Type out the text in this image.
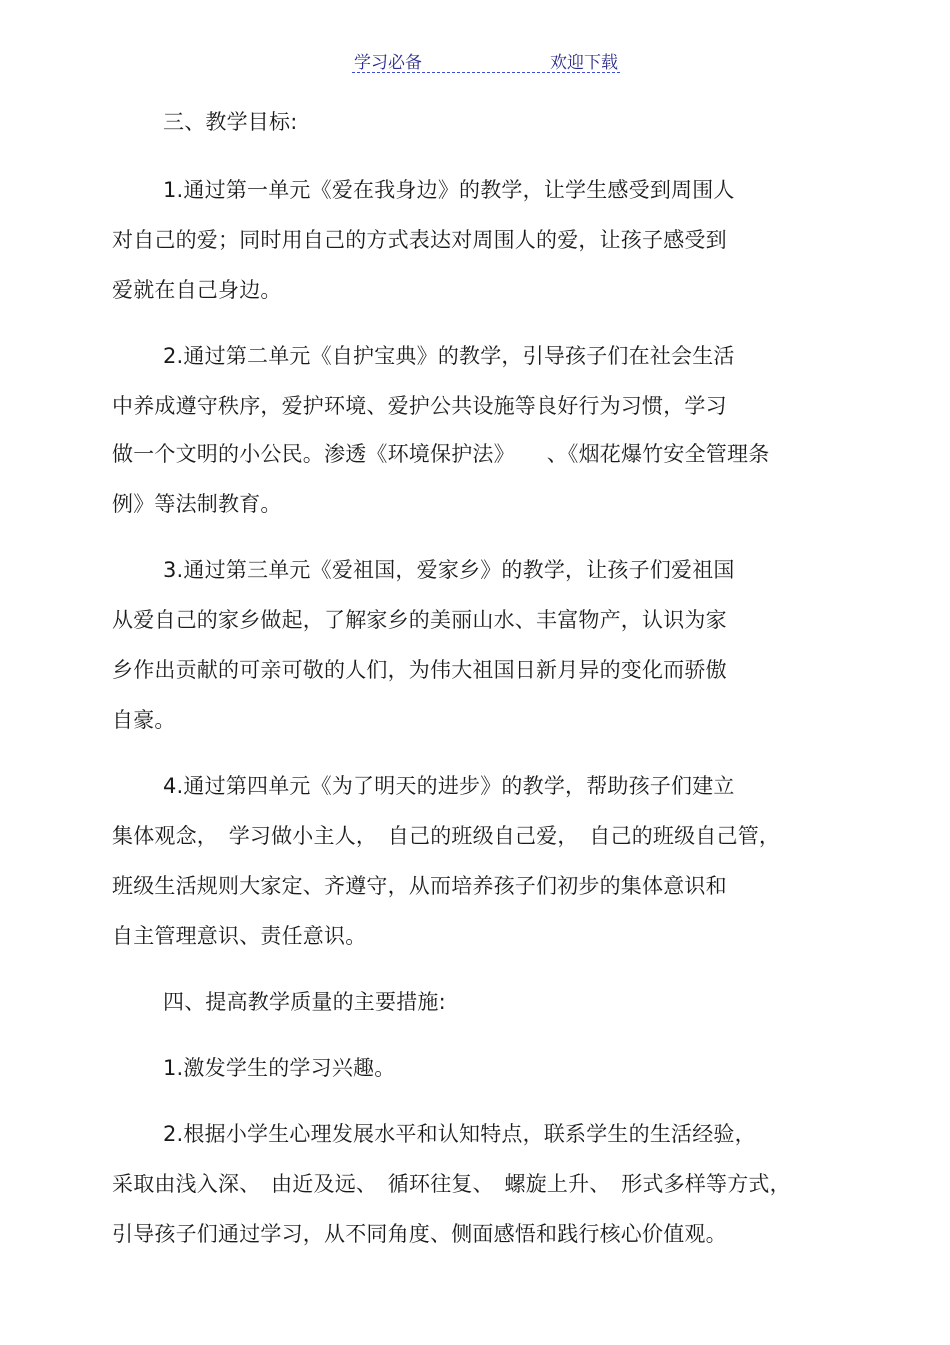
学习必备	欢迎下载
三、教学目标:
1.通过第一单元《爱在我身边》的教学，让学生感受到周围人
对自己的爱；同时用自己的方式表达对周围人的爱，让孩子感受到
爱就在自己身边。
2.通过第二单元《自护宝典》的教学，引导孩子们在社会生活
中养成遵守秩序，爱护环境、爱护公共设施等良好行为习惯，学习
做一个文明的小公民。渗透《环境保护法》　　、《烟花爆竹安全管理条
例》等法制教育。
3.通过第三单元《爱祖国，爱家乡》的教学，让孩子们爱祖国
从爱自己的家乡做起，了解家乡的美丽山水、丰富物产，认识为家
乡作出贡献的可亲可敬的人们，为伟大祖国日新月异的变化而骄傲
自豪。
4.通过第四单元《为了明天的进步》的教学，帮助孩子们建立
集体观念，　学习做小主人，　自己的班级自己爱，　自己的班级自己管，
班级生活规则大家定、齐遵守，从而培养孩子们初步的集体意识和
自主管理意识、责任意识。
四、提高教学质量的主要措施:
1.激发学生的学习兴趣。
2.根据小学生心理发展水平和认知特点，联系学生的生活经验，
采取由浅入深、　由近及远、　循环往复、　螺旋上升、　形式多样等方式，
引导孩子们通过学习，从不同角度、侧面感悟和践行核心价值观。
